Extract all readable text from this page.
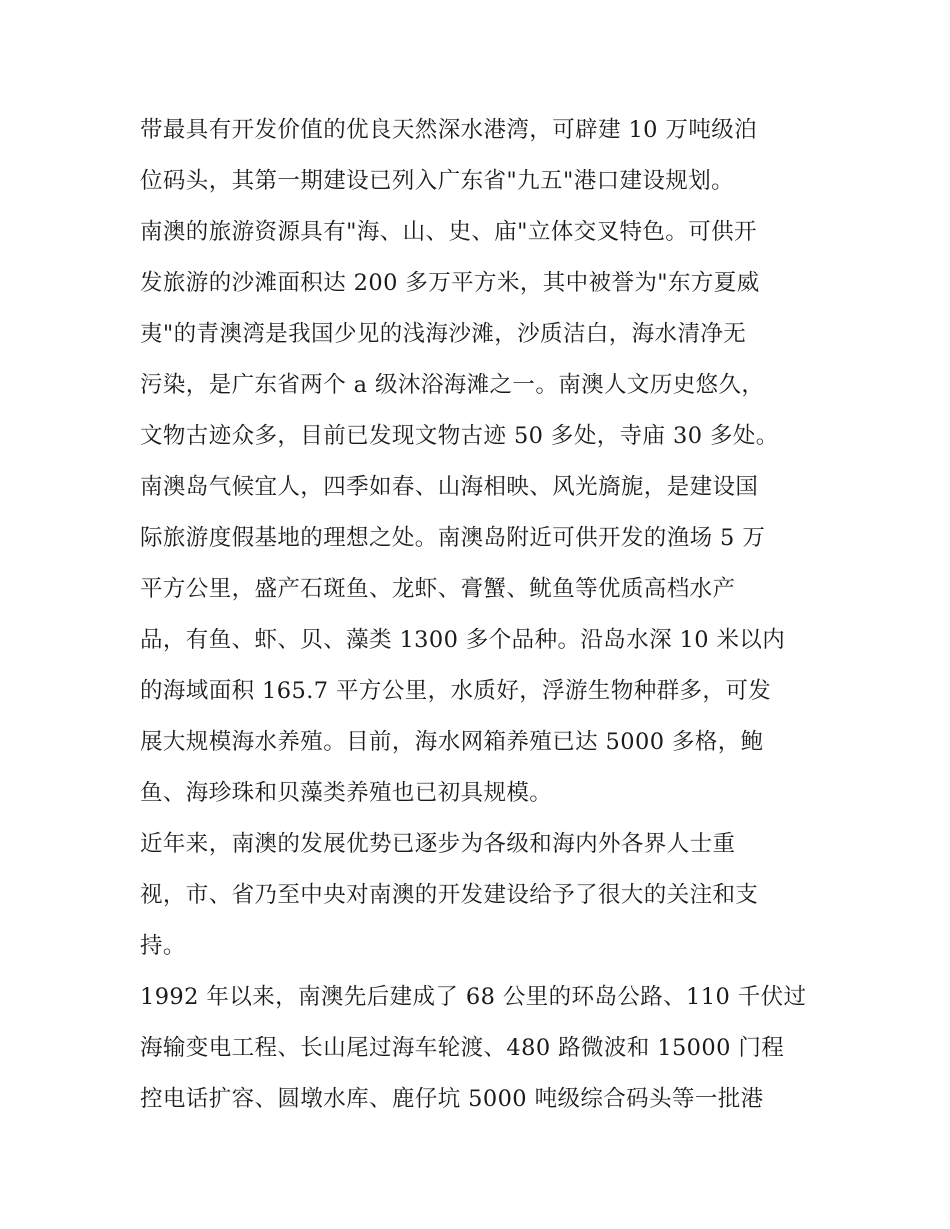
带最具有开发价值的优良天然深水港湾，可辟建 10 万吨级泊
位码头，其第一期建设已列入广东省"九五"港口建设规划。
南澳的旅游资源具有"海、山、史、庙"立体交叉特色。可供开
发旅游的沙滩面积达 200 多万平方米，其中被誉为"东方夏威
夷"的青澳湾是我国少见的浅海沙滩，沙质洁白，海水清净无
污染，是广东省两个 a 级沐浴海滩之一。南澳人文历史悠久，
文物古迹众多，目前已发现文物古迹 50 多处，寺庙 30 多处。
南澳岛气候宜人，四季如春、山海相映、风光旖旎，是建设国
际旅游度假基地的理想之处。南澳岛附近可供开发的渔场 5 万
平方公里，盛产石斑鱼、龙虾、膏蟹、鱿鱼等优质高档水产
品，有鱼、虾、贝、藻类 1300 多个品种。沿岛水深 10 米以内
的海域面积 165.7 平方公里，水质好，浮游生物种群多，可发
展大规模海水养殖。目前，海水网箱养殖已达 5000 多格，鲍
鱼、海珍珠和贝藻类养殖也已初具规模。
近年来，南澳的发展优势已逐步为各级和海内外各界人士重
视，市、省乃至中央对南澳的开发建设给予了很大的关注和支
持。
1992 年以来，南澳先后建成了 68 公里的环岛公路、110 千伏过
海输变电工程、长山尾过海车轮渡、480 路微波和 15000 门程
控电话扩容、圆墩水库、鹿仔坑 5000 吨级综合码头等一批港
